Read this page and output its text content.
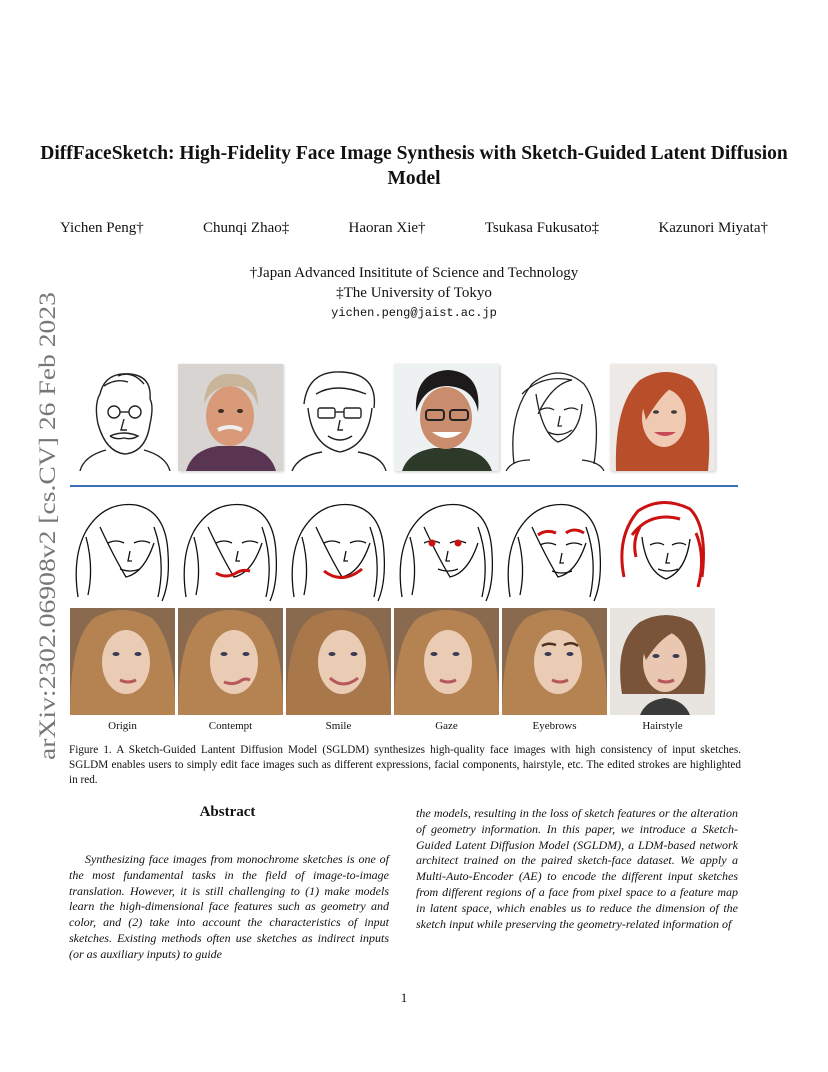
arXiv:2302.06908v2 [cs.CV] 26 Feb 2023
DiffFaceSketch: High-Fidelity Face Image Synthesis with Sketch-Guided Latent Diffusion Model
Yichen Peng†	Chunqi Zhao‡	Haoran Xie†	Tsukasa Fukusato‡	Kazunori Miyata†
†Japan Advanced Insititute of Science and Technology
‡The University of Tokyo
yichen.peng@jaist.ac.jp
Origin	Contempt	Smile	Gaze	Eyebrows	Hairstyle
Figure 1. A Sketch-Guided Lantent Diffusion Model (SGLDM) synthesizes high-quality face images with high consistency of input sketches. SGLDM enables users to simply edit face images such as different expressions, facial components, hairstyle, etc. The edited strokes are highlighted in red.
Abstract
Synthesizing face images from monochrome sketches is one of the most fundamental tasks in the field of image-to-image translation. However, it is still challenging to (1) make models learn the high-dimensional face features such as geometry and color, and (2) take into account the characteristics of input sketches. Existing methods often use sketches as indirect inputs (or as auxiliary inputs) to guide
the models, resulting in the loss of sketch features or the alteration of geometry information. In this paper, we introduce a Sketch-Guided Latent Diffusion Model (SGLDM), a LDM-based network architect trained on the paired sketch-face dataset. We apply a Multi-Auto-Encoder (AE) to encode the different input sketches from different regions of a face from pixel space to a feature map in latent space, which enables us to reduce the dimension of the sketch input while preserving the geometry-related information of
1
